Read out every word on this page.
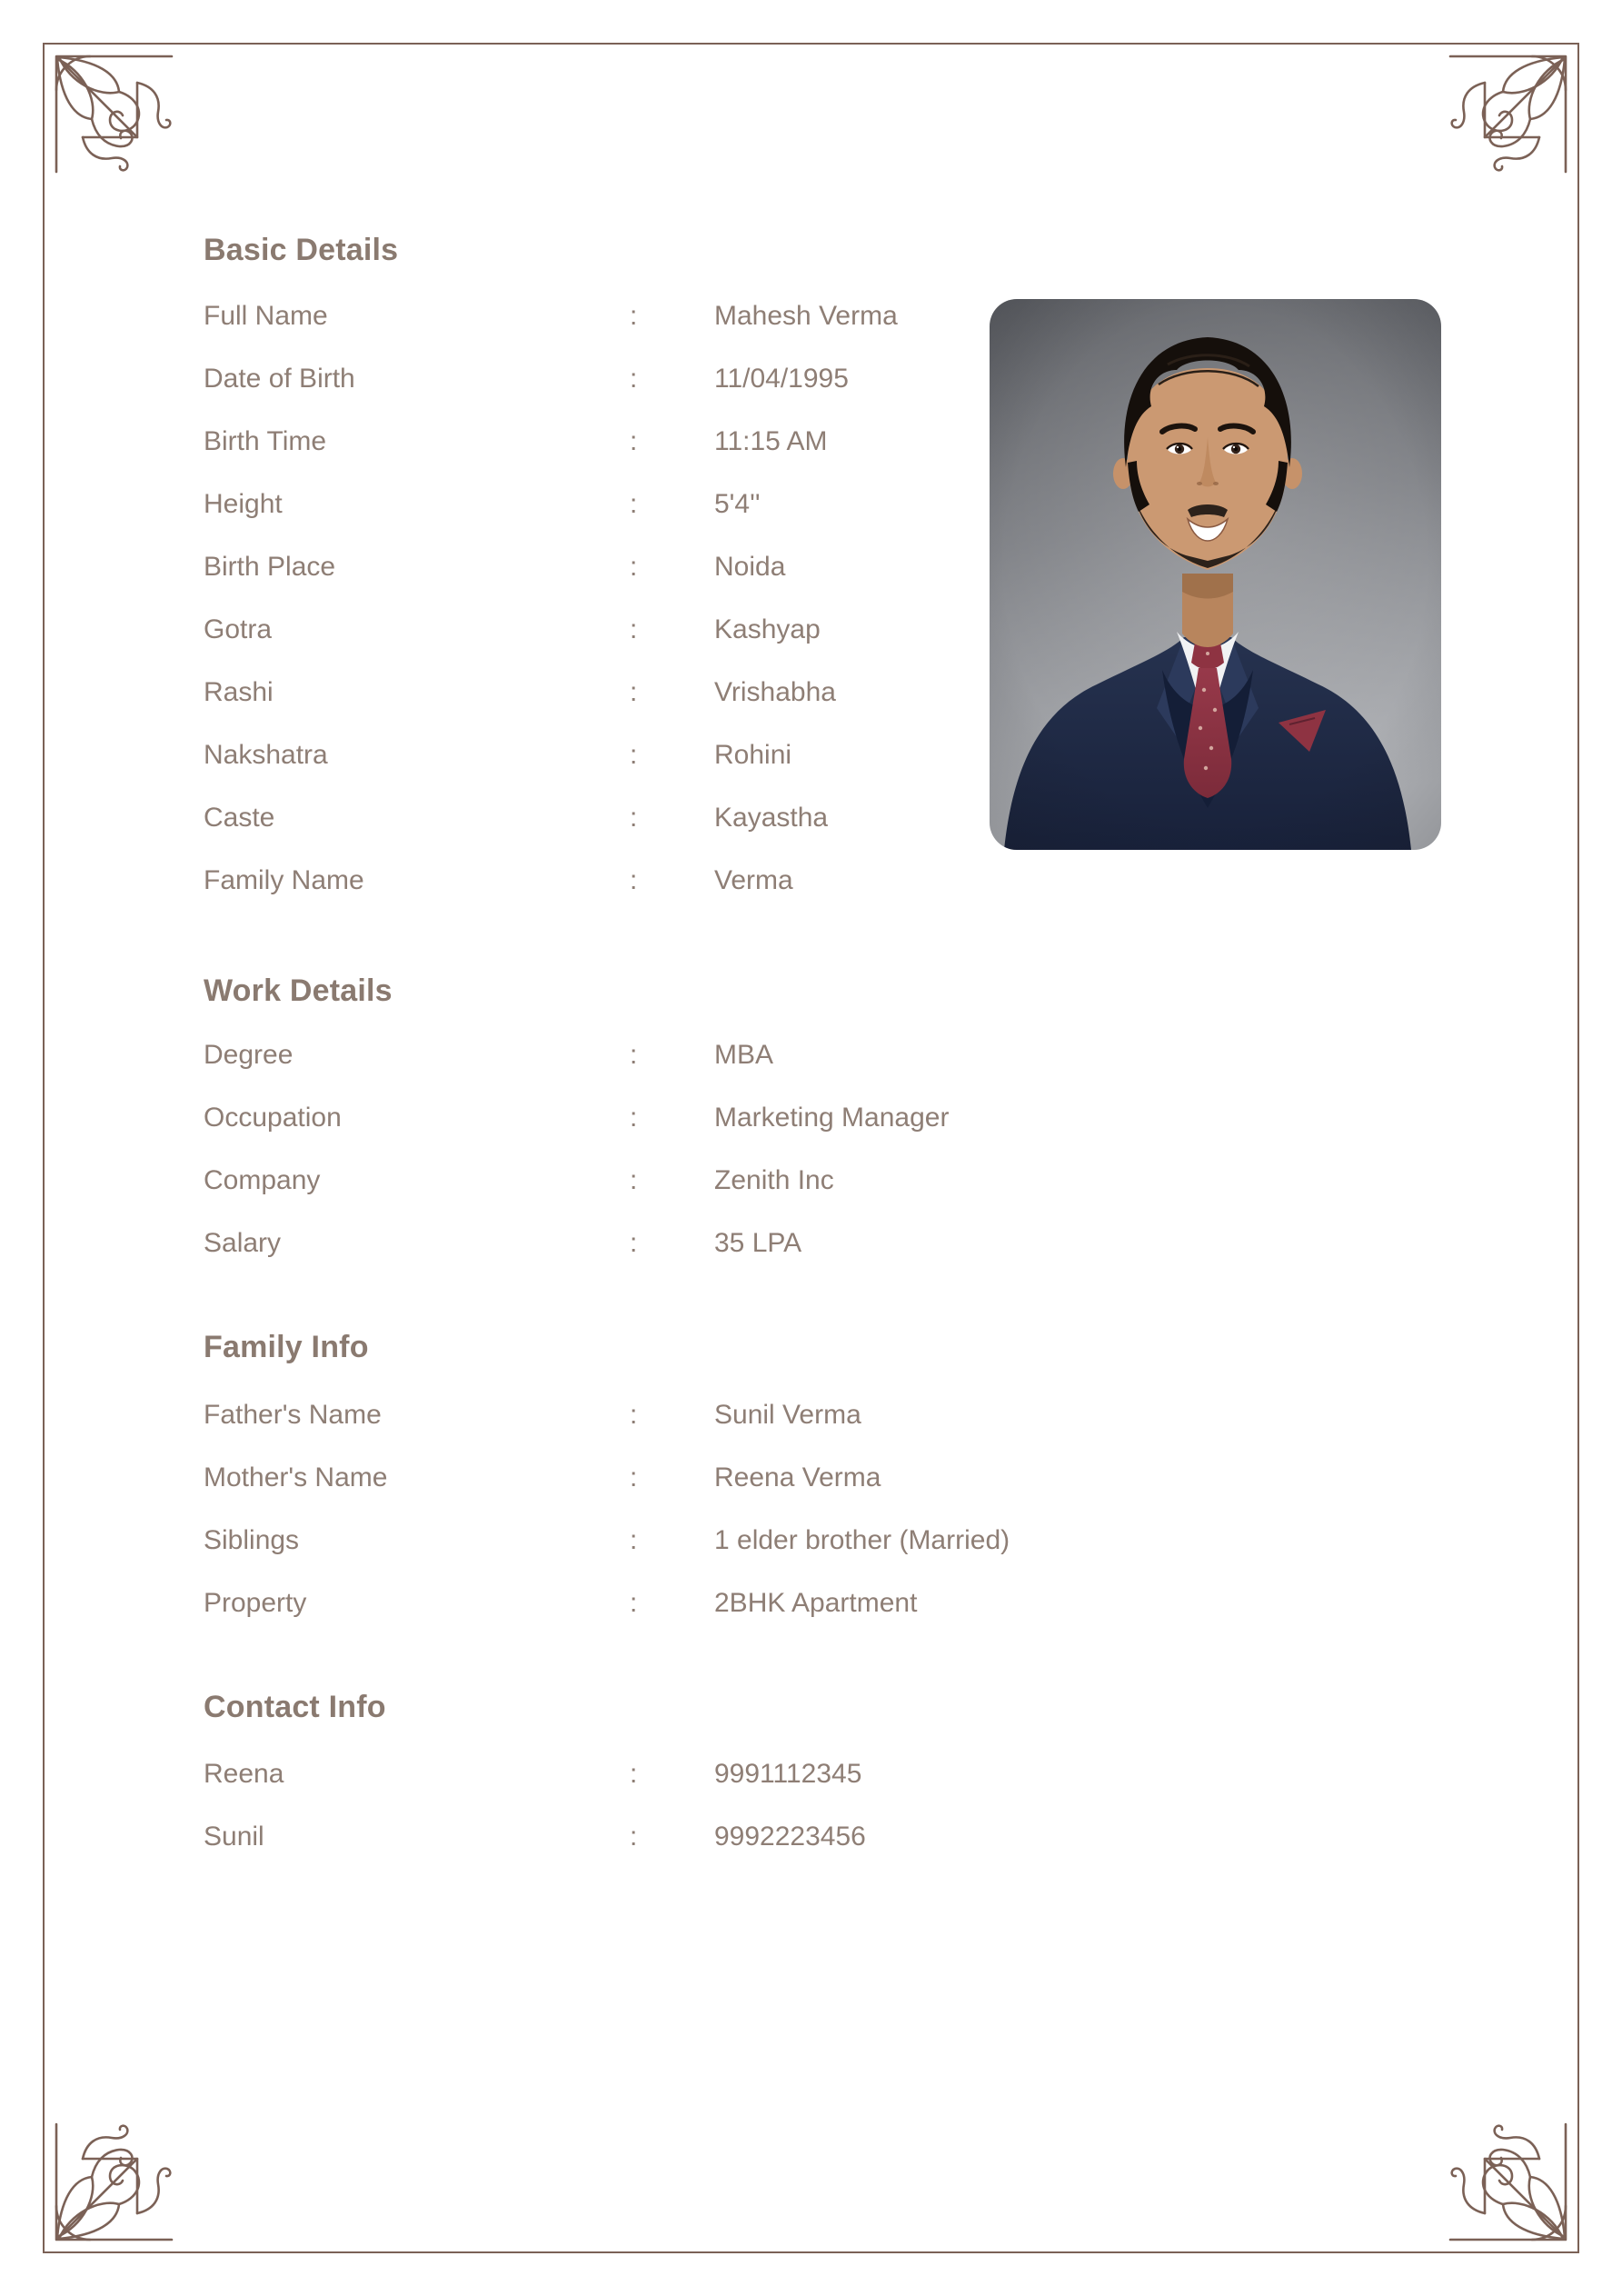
Basic Details
Full Name	:	Mahesh Verma
Date of Birth	:	11/04/1995
Birth Time	:	11:15 AM
Height	:	5'4''
Birth Place	:	Noida
Gotra	:	Kashyap
Rashi	:	Vrishabha
Nakshatra	:	Rohini
Caste	:	Kayastha
Family Name	:	Verma
Work Details
Degree	:	MBA
Occupation	:	Marketing Manager
Company	:	Zenith Inc
Salary	:	35 LPA
Family Info
Father's Name	:	Sunil Verma
Mother's Name	:	Reena Verma
Siblings	:	1 elder brother (Married)
Property	:	2BHK Apartment
Contact Info
Reena	:	9991112345
Sunil	:	9992223456
